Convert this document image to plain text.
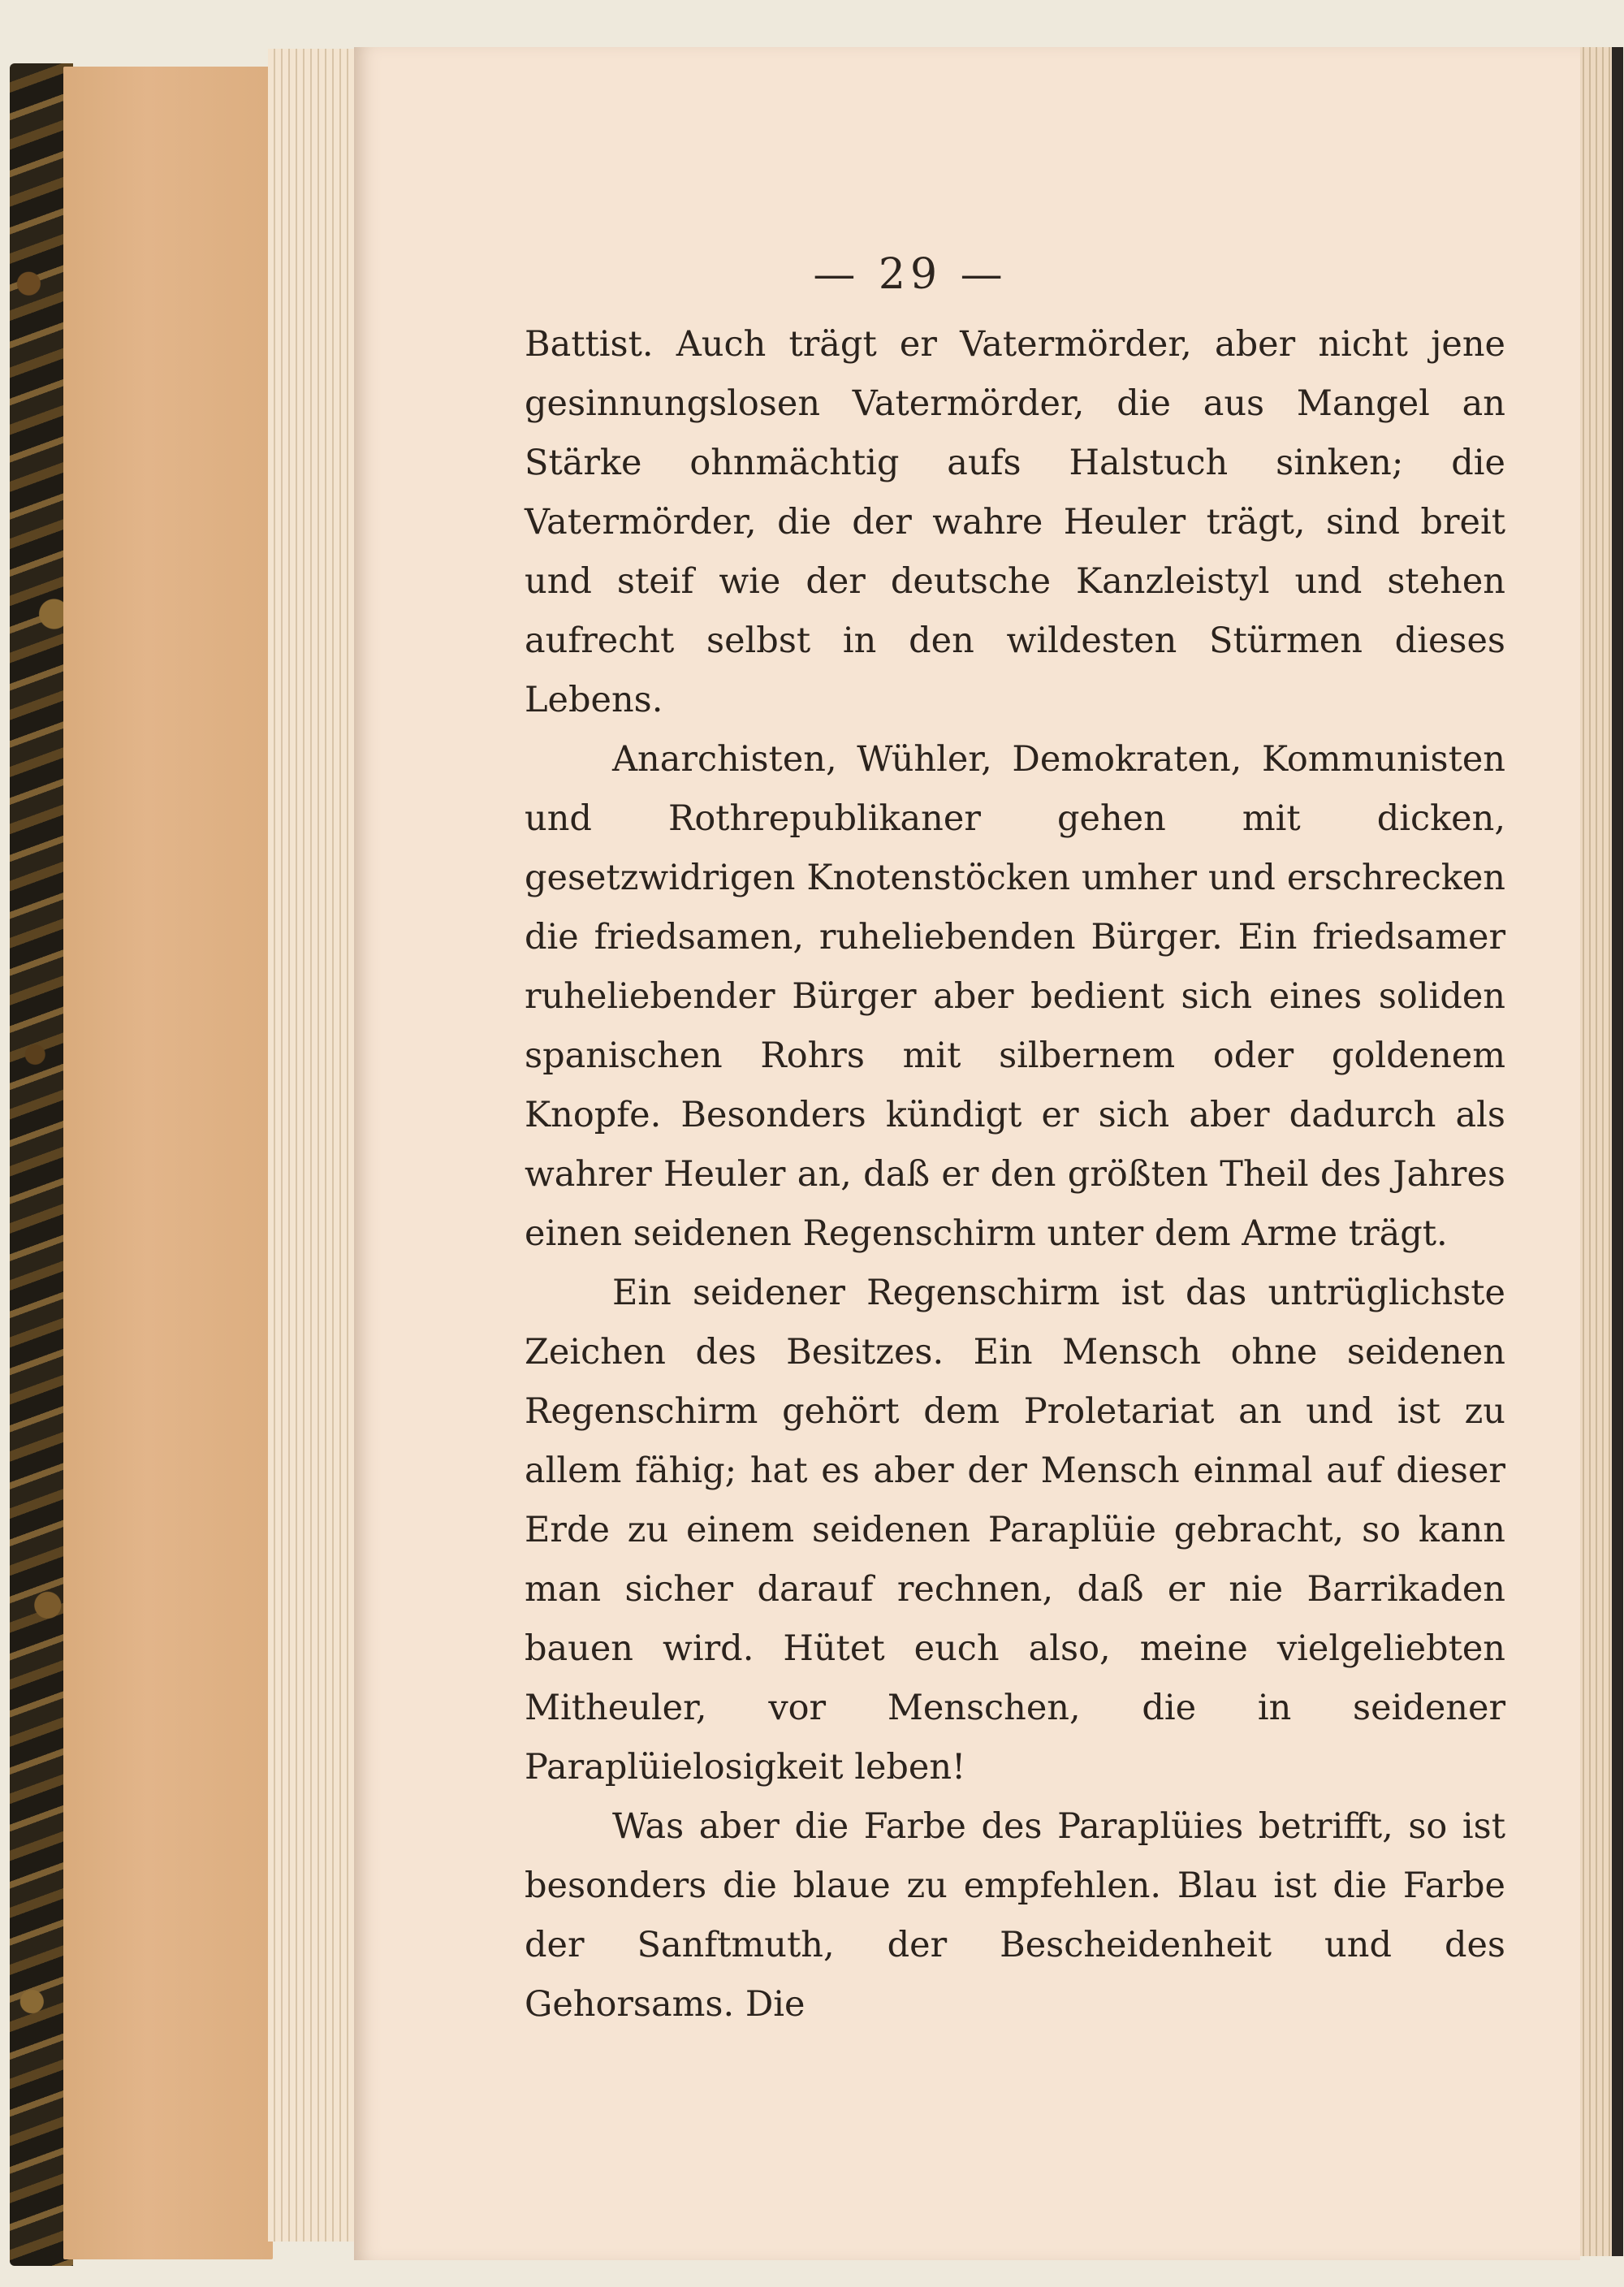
— 29 —

Battist. Auch trägt er Vatermörder, aber nicht jene gesinnungslosen Vatermörder, die aus Mangel an Stärke ohnmächtig aufs Halstuch sinken; die Vatermörder, die der wahre Heuler trägt, sind breit und steif wie der deutsche Kanzleistyl und stehen aufrecht selbst in den wildesten Stürmen dieses Lebens.

Anarchisten, Wühler, Demokraten, Kommunisten und Rothrepublikaner gehen mit dicken, gesetzwidrigen Knotenstöcken umher und erschrecken die friedsamen, ruheliebenden Bürger. Ein friedsamer ruheliebender Bürger aber bedient sich eines soliden spanischen Rohrs mit silbernem oder goldenem Knopfe. Besonders kündigt er sich aber dadurch als wahrer Heuler an, daß er den größten Theil des Jahres einen seidenen Regenschirm unter dem Arme trägt.

Ein seidener Regenschirm ist das untrüglichste Zeichen des Besitzes. Ein Mensch ohne seidenen Regenschirm gehört dem Proletariat an und ist zu allem fähig; hat es aber der Mensch einmal auf dieser Erde zu einem seidenen Paraplüie gebracht, so kann man sicher darauf rechnen, daß er nie Barrikaden bauen wird. Hütet euch also, meine vielgeliebten Mitheuler, vor Menschen, die in seidener Paraplüielosigkeit leben!

Was aber die Farbe des Paraplüies betrifft, so ist besonders die blaue zu empfehlen. Blau ist die Farbe der Sanftmuth, der Bescheidenheit und des Gehorsams. Die
